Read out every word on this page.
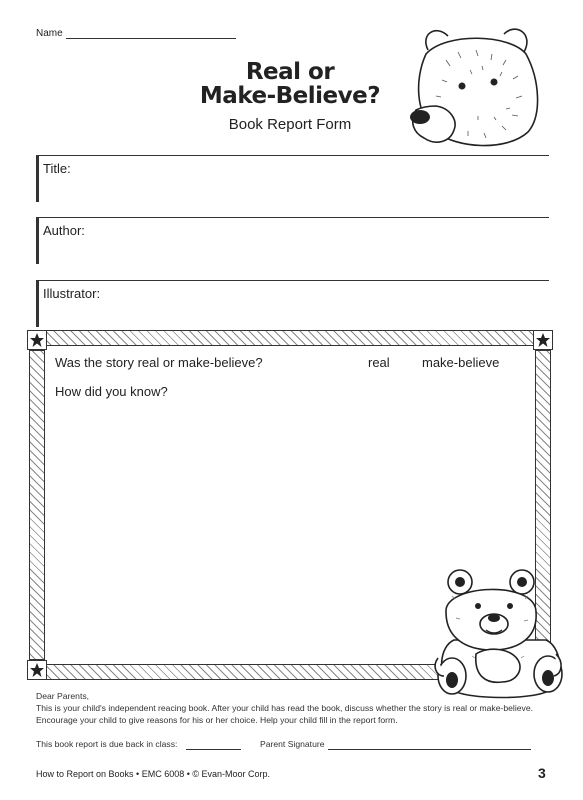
Name
Real or
Make-Believe?
Book Report Form
Title:
Author:
Illustrator:
Was the story real or make-believe?	real make-believe
How did you know?

Dear Parents,

This is your child's independent reacing book. After your child has read the book, discuss whether the story is real or make-believe. Encourage your child to give reasons for his or her choice. Help your child fill in the report form.

This book report is due back in class:	Parent Signature
How to Report on Books • EMC 6008 • © Evan-Moor Corp.	3
